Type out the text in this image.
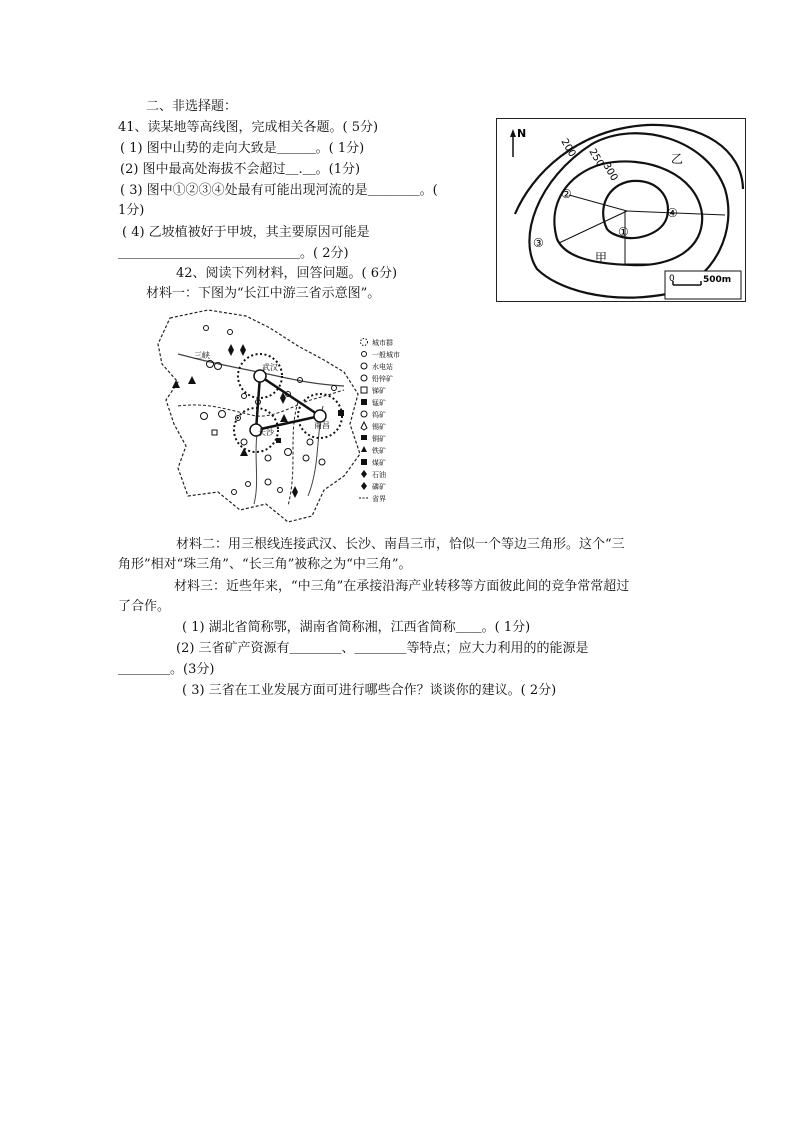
二、非选择题：
41、读某地等高线图，完成相关各题。( 5分)
( 1) 图中山势的走向大致是＿＿＿。( 1分)
(2) 图中最高处海拔不会超过＿.＿。(1分)
( 3) 图中①②③④处最有可能出现河流的是＿＿＿＿。(
1分)
( 4) 乙坡植被好于甲坡，其主要原因可能是
＿＿＿＿＿＿＿＿＿＿＿＿＿＿。( 2分)
N
200 250
300
②
③
①
④
乙
甲
0	500m
42、阅读下列材料，回答问题。( 6分)
材料一：下图为“长江中游三省示意图”。
武汉
长沙
南昌
三峡
城市群
一般城市
水电站
铅锌矿
锑矿
锰矿
钨矿
锡矿
铜矿
铁矿
煤矿
石油
磷矿
省界
材料二：用三根线连接武汉、长沙、南昌三市，恰似一个等边三角形。这个“三
角形”相对“珠三角”、“长三角”被称之为“中三角”。
材料三：近些年来，“中三角”在承接沿海产业转移等方面彼此间的竞争常常超过
了合作。
( 1) 湖北省简称鄂，湖南省简称湘，江西省简称＿＿。( 1分)
(2) 三省矿产资源有＿＿＿＿、＿＿＿＿等特点；应大力利用的的能源是
＿＿＿＿。(3分)
( 3) 三省在工业发展方面可进行哪些合作？谈谈你的建议。( 2分)
